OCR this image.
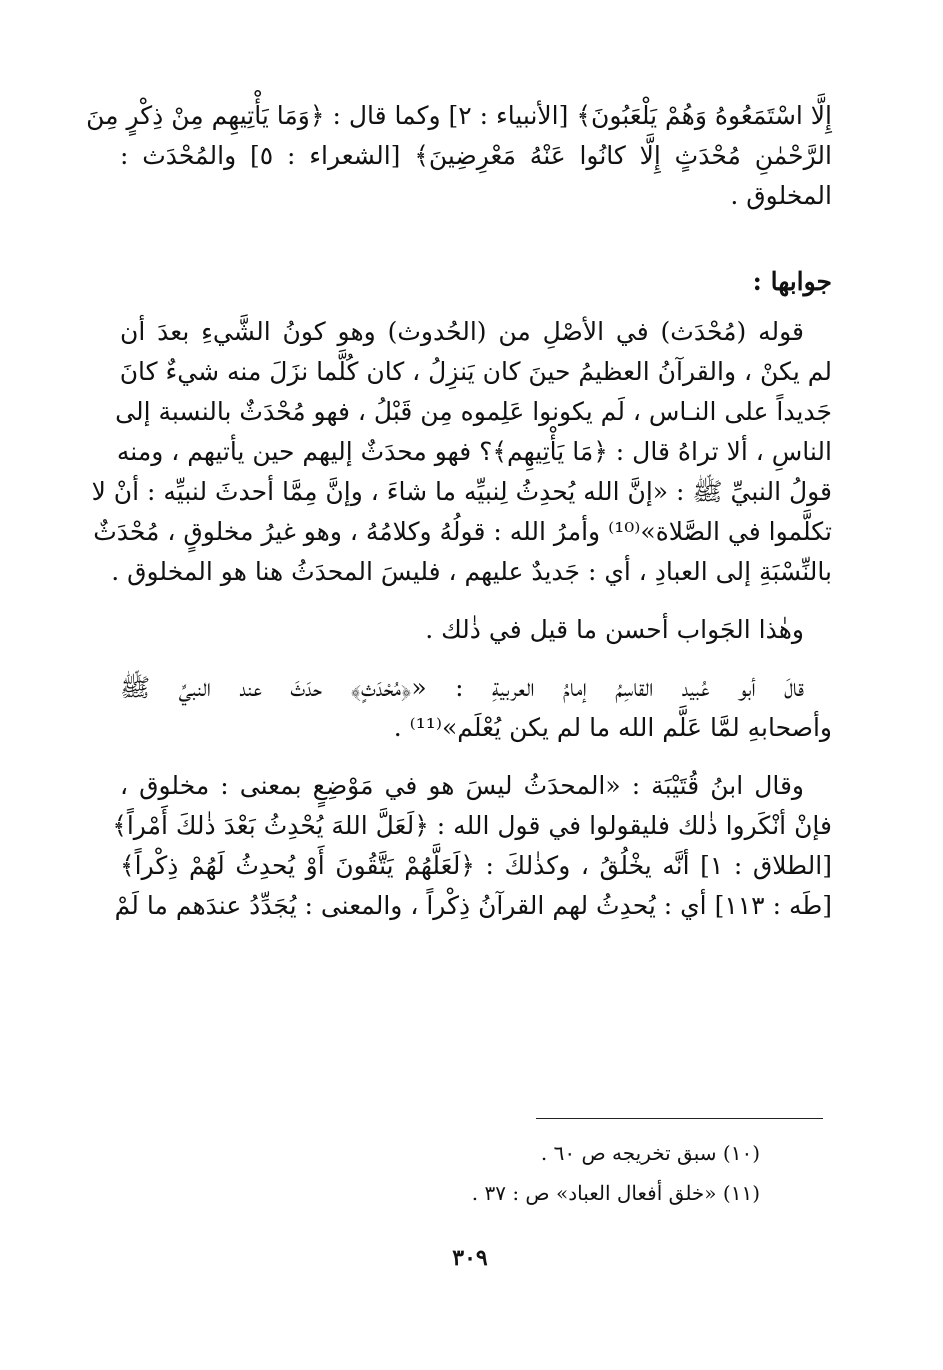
إِلَّا اسْتَمَعُوهُ وَهُمْ يَلْعَبُونَ﴾ [الأنبياء : ٢] وكما قال : ﴿وَمَا يَأْتِيهِم مِنْ ذِكْرٍ مِنَ
الرَّحْمٰنِ مُحْدَثٍ إِلَّا كانُوا عَنْهُ مَعْرِضِينَ﴾ [الشعراء : ٥] والمُحْدَث :
المخلوق .
جوابها :
قوله (مُحْدَث) في الأصْلِ من (الحُدوث) وهو كونُ الشَّيءِ بعدَ أن
لم يكنْ ، والقرآنُ العظيمُ حينَ كان يَنزِلُ ، كان كُلَّما نزَلَ منه شيءٌ كانَ
جَديداً على النـاس ، لَم يكونوا عَلِموه مِن قَبْلُ ، فهو مُحْدَثٌ بالنسبة إلى
الناسِ ، ألا تراهُ قال : ﴿مَا يَأْتِيهِم﴾؟ فهو محدَثٌ إليهم حين يأتيهم ، ومنه
قولُ النبيِّ ﷺ : «إنَّ الله يُحدِثُ لِنبيِّه ما شاءَ ، وإنَّ مِمَّا أحدثَ لنبيِّه : أنْ لا
تكلَّموا في الصَّلاة»⁽¹⁰⁾ وأمرُ الله : قولُهُ وكلامُهُ ، وهو غيرُ مخلوقٍ ، مُحْدَثٌ
بالنِّسْبَةِ إلى العبادِ ، أي : جَديدٌ عليهم ، فليسَ المحدَثُ هنا هو المخلوق .
وهٰذا الجَواب أحسن ما قيل في ذٰلك .
قالَ أبو عُبيد القاسِمُ إمامُ العربيةِ : «﴿مُحْدَثٍ﴾ حدَثَ عند النبيِّ ﷺ
وأصحابهِ لمَّا عَلَّم الله ما لم يكن يُعْلَم»⁽¹¹⁾ .
وقال ابنُ قُتَيْبَة : «المحدَثُ ليسَ هو في مَوْضِعٍ بمعنى : مخلوق ،
فإنْ أنْكَروا ذٰلك فليقولوا في قول الله : ﴿لَعَلَّ اللهَ يُحْدِثُ بَعْدَ ذٰلكَ أَمْراً﴾
[الطلاق : ١] أنَّه يخْلُقُ ، وكذٰلكَ : ﴿لَعَلَّهُمْ يَتَّقُونَ أَوْ يُحدِثُ لَهُمْ ذِكْراً﴾
[طَه : ١١٣] أي : يُحدِثُ لهم القرآنُ ذِكْراً ، والمعنى : يُجَدِّدُ عندَهم ما لَمْ
(١٠) سبق تخريجه ص ٦٠ .
(١١) «خلق أفعال العباد» ص : ٣٧ .
٣٠٩
